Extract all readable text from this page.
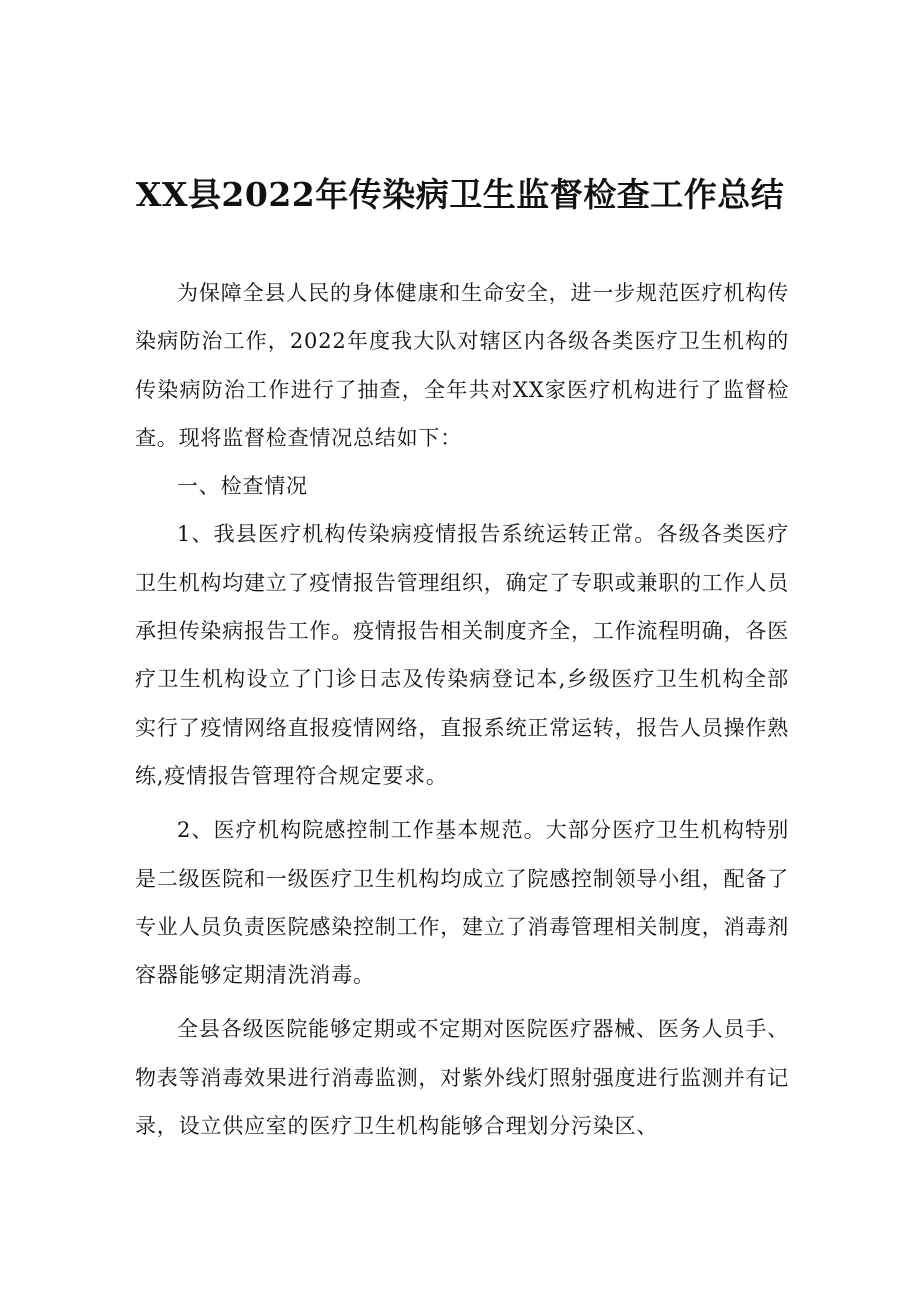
XX县2022年传染病卫生监督检查工作总结

为保障全县人民的身体健康和生命安全，进一步规范医疗机构传染病防治工作，2022年度我大队对辖区内各级各类医疗卫生机构的传染病防治工作进行了抽查，全年共对XX家医疗机构进行了监督检查。现将监督检查情况总结如下：

一、检查情况

1、我县医疗机构传染病疫情报告系统运转正常。各级各类医疗卫生机构均建立了疫情报告管理组织，确定了专职或兼职的工作人员承担传染病报告工作。疫情报告相关制度齐全，工作流程明确，各医疗卫生机构设立了门诊日志及传染病登记本,乡级医疗卫生机构全部实行了疫情网络直报疫情网络，直报系统正常运转，报告人员操作熟练,疫情报告管理符合规定要求。

2、医疗机构院感控制工作基本规范。大部分医疗卫生机构特别是二级医院和一级医疗卫生机构均成立了院感控制领导小组，配备了专业人员负责医院感染控制工作，建立了消毒管理相关制度，消毒剂容器能够定期清洗消毒。

全县各级医院能够定期或不定期对医院医疗器械、医务人员手、物表等消毒效果进行消毒监测，对紫外线灯照射强度进行监测并有记录，设立供应室的医疗卫生机构能够合理划分污染区、
